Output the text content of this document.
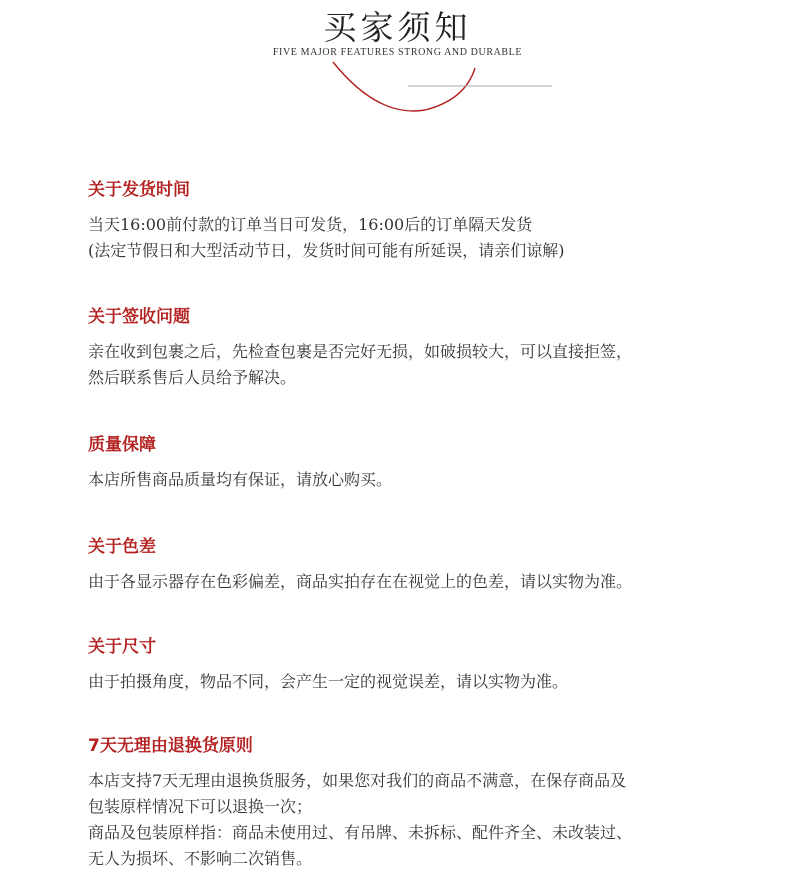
买家须知
FIVE MAJOR FEATURES STRONG AND DURABLE
关于发货时间
当天16:00前付款的订单当日可发货，16:00后的订单隔天发货
(法定节假日和大型活动节日，发货时间可能有所延误，请亲们谅解)
关于签收问题
亲在收到包裹之后，先检查包裹是否完好无损，如破损较大，可以直接拒签，
然后联系售后人员给予解决。
质量保障
本店所售商品质量均有保证，请放心购买。
关于色差
由于各显示器存在色彩偏差，商品实拍存在在视觉上的色差，请以实物为准。
关于尺寸
由于拍摄角度，物品不同，会产生一定的视觉误差，请以实物为准。
7天无理由退换货原则
本店支持7天无理由退换货服务，如果您对我们的商品不满意，在保存商品及
包装原样情况下可以退换一次；
商品及包装原样指：商品未使用过、有吊牌、未拆标、配件齐全、未改装过、
无人为损坏、不影响二次销售。
